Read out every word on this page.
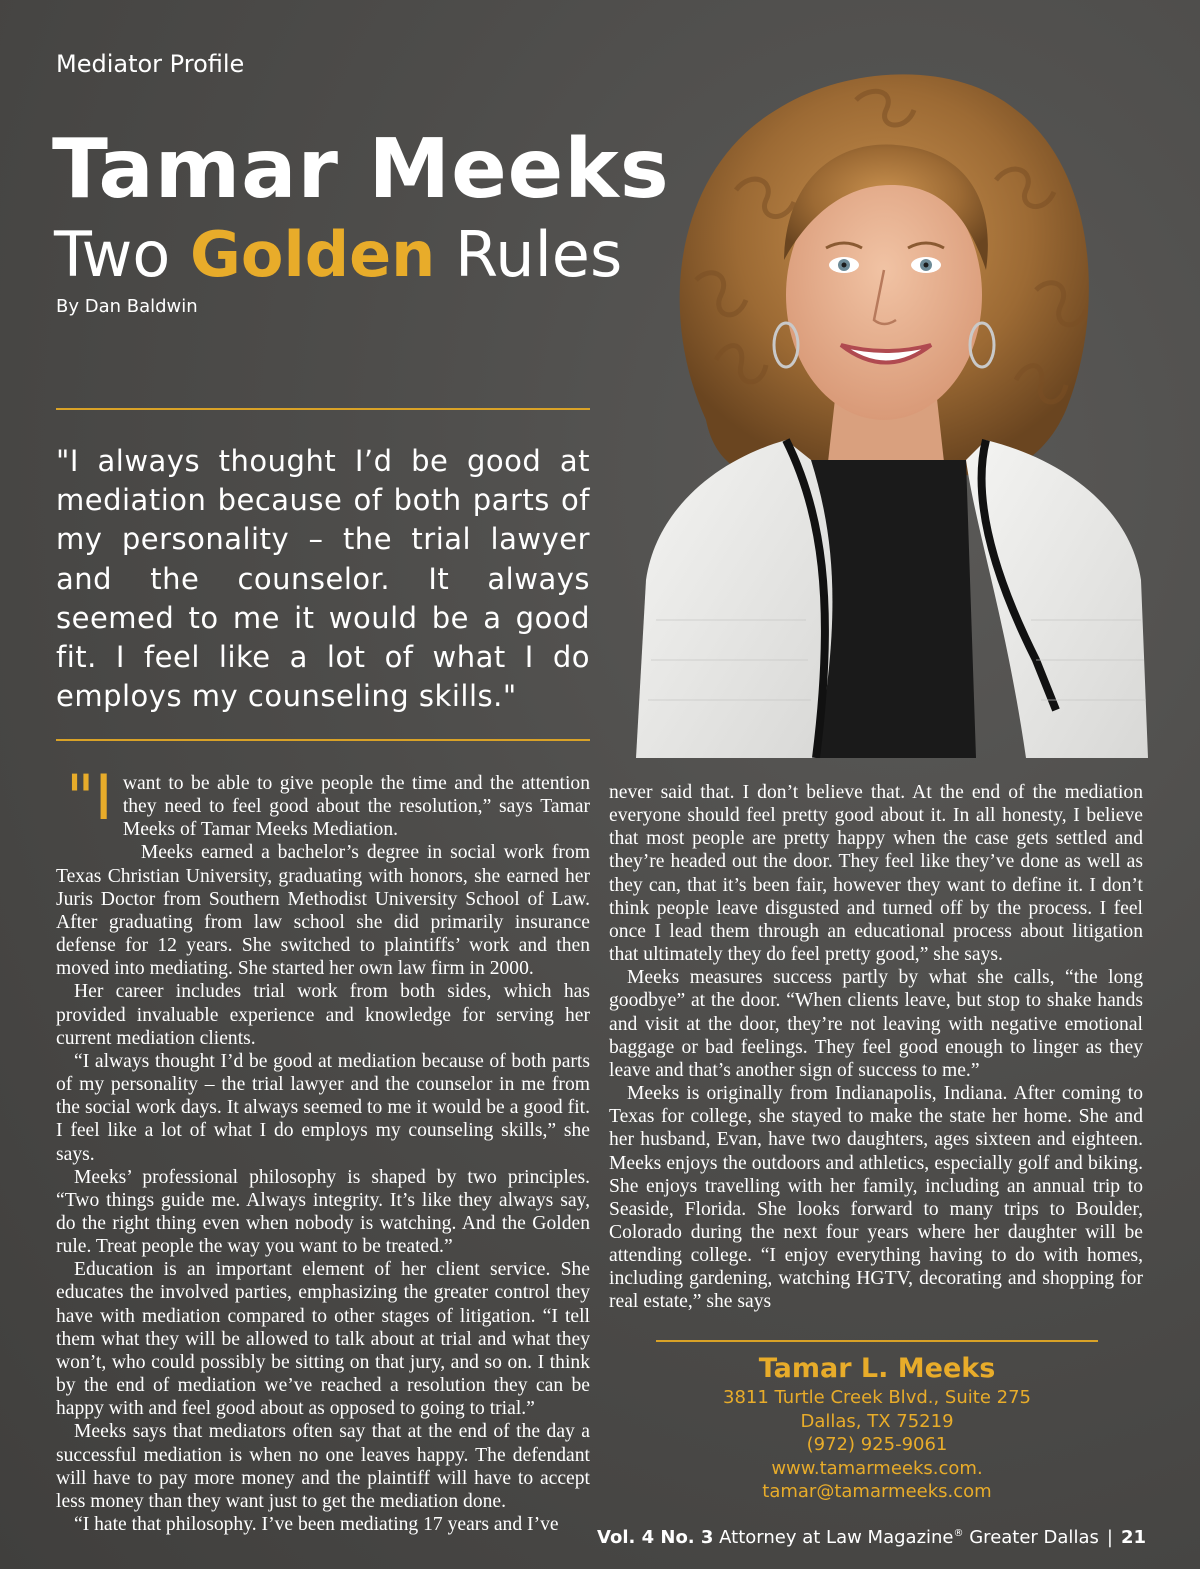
Mediator Profile
Tamar Meeks
Two Golden Rules
By Dan Baldwin
"I always thought I’d be good at mediation because of both parts of my personality – the trial lawyer and the counselor. It always seemed to me it would be a good fit. I feel like a lot of what I do employs my counseling skills."

"Iwant to be able to give people the time and the attention they need to feel good about the resolution,” says Tamar Meeks of Tamar Meeks Mediation.

Meeks earned a bachelor’s degree in social work from Texas Christian University, graduating with honors, she earned her Juris Doctor from Southern Methodist University School of Law. After graduating from law school she did primarily insurance defense for 12 years. She switched to plaintiffs’ work and then moved into mediating. She started her own law firm in 2000.

Her career includes trial work from both sides, which has provided invaluable experience and knowledge for serving her current mediation clients.

“I always thought I’d be good at mediation because of both parts of my personality – the trial lawyer and the counselor in me from the social work days. It always seemed to me it would be a good fit. I feel like a lot of what I do employs my counseling skills,” she says.

Meeks’ professional philosophy is shaped by two principles. “Two things guide me. Always integrity. It’s like they always say, do the right thing even when nobody is watching. And the Golden rule. Treat people the way you want to be treated.”

Education is an important element of her client service. She educates the involved parties, emphasizing the greater control they have with mediation compared to other stages of litigation. “I tell them what they will be allowed to talk about at trial and what they won’t, who could possibly be sitting on that jury, and so on. I think by the end of mediation we’ve reached a resolution they can be happy with and feel good about as opposed to going to trial.”

Meeks says that mediators often say that at the end of the day a successful mediation is when no one leaves happy. The defendant will have to pay more money and the plaintiff will have to accept less money than they want just to get the mediation done.

“I hate that philosophy. I’ve been mediating 17 years and I’ve

never said that. I don’t believe that. At the end of the mediation everyone should feel pretty good about it. In all honesty, I believe that most people are pretty happy when the case gets settled and they’re headed out the door. They feel like they’ve done as well as they can, that it’s been fair, however they want to define it. I don’t think people leave disgusted and turned off by the process. I feel once I lead them through an educational process about litigation that ultimately they do feel pretty good,” she says.

Meeks measures success partly by what she calls, “the long goodbye” at the door. “When clients leave, but stop to shake hands and visit at the door, they’re not leaving with negative emotional baggage or bad feelings. They feel good enough to linger as they leave and that’s another sign of success to me.”

Meeks is originally from Indianapolis, Indiana. After coming to Texas for college, she stayed to make the state her home. She and her husband, Evan, have two daughters, ages sixteen and eighteen. Meeks enjoys the outdoors and athletics, especially golf and biking. She enjoys travelling with her family, including an annual trip to Seaside, Florida. She looks forward to many trips to Boulder, Colorado during the next four years where her daughter will be attending college. “I enjoy everything having to do with homes, including gardening, watching HGTV, decorating and shopping for real estate,” she says

Tamar L. Meeks
3811 Turtle Creek Blvd., Suite 275
Dallas, TX 75219
(972) 925-9061
www.tamarmeeks.com.
tamar@tamarmeeks.com
Vol. 4 No. 3 Attorney at Law Magazine® Greater Dallas | 21
